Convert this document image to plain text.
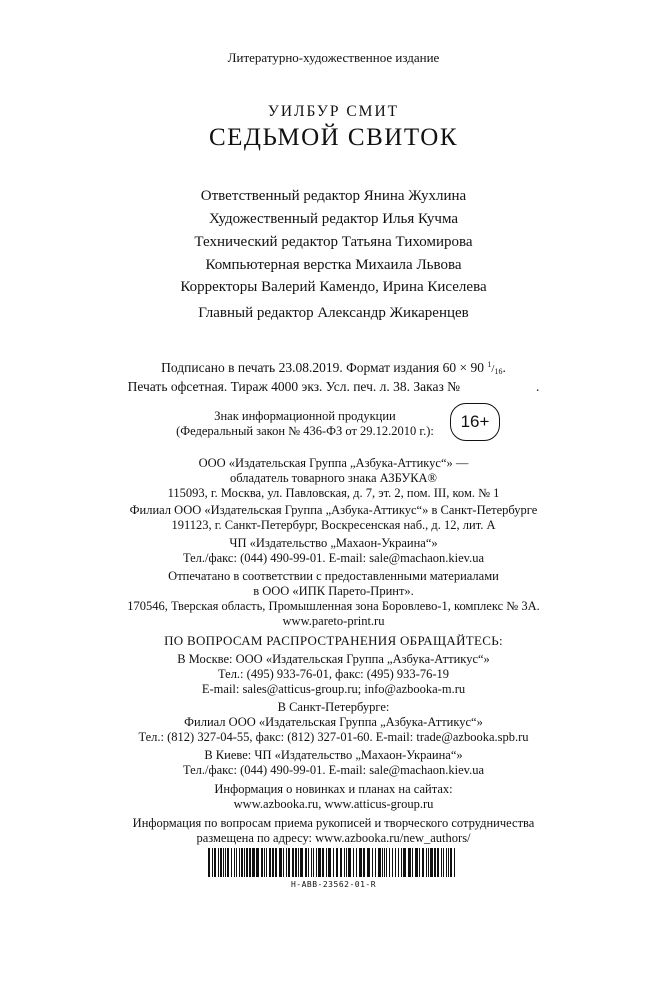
Литературно-художественное издание
УИЛБУР СМИТ
СЕДЬМОЙ СВИТОК
Ответственный редактор Янина Жухлина
Художественный редактор Илья Кучма
Технический редактор Татьяна Тихомирова
Компьютерная верстка Михаила Львова
Корректоры Валерий Камендо, Ирина Киселева
Главный редактор Александр Жикаренцев
Подписано в печать 23.08.2019. Формат издания 60 × 90 $^1/_{16}$.
Печать офсетная. Тираж 4000 экз. Усл. печ. л. 38. Заказ №	.
Знак информационной продукции
(Федеральный закон № 436-ФЗ от 29.12.2010 г.):	16+
ООО «Издательская Группа „Азбука-Аттикус“» —
обладатель товарного знака АЗБУКА®
115093, г. Москва, ул. Павловская, д. 7, эт. 2, пом. III, ком. № 1
Филиал ООО «Издательская Группа „Азбука-Аттикус“» в Санкт-Петербурге
191123, г. Санкт-Петербург, Воскресенская наб., д. 12, лит. А
ЧП «Издательство „Махаон-Украина“»
Тел./факс: (044) 490-99-01. E-mail: sale@machaon.kiev.ua
Отпечатано в соответствии с предоставленными материалами
в ООО «ИПК Парето-Принт».
170546, Тверская область, Промышленная зона Боровлево-1, комплекс № 3А.
www.pareto-print.ru
ПО ВОПРОСАМ РАСПРОСТРАНЕНИЯ ОБРАЩАЙТЕСЬ:
В Москве: ООО «Издательская Группа „Азбука-Аттикус“»
Тел.: (495) 933-76-01, факс: (495) 933-76-19
E-mail: sales@atticus-group.ru; info@azbooka-m.ru
В Санкт-Петербурге:
Филиал ООО «Издательская Группа „Азбука-Аттикус“»
Тел.: (812) 327-04-55, факс: (812) 327-01-60. E-mail: trade@azbooka.spb.ru
В Киеве: ЧП «Издательство „Махаон-Украина“»
Тел./факс: (044) 490-99-01. E-mail: sale@machaon.kiev.ua
Информация о новинках и планах на сайтах:
www.azbooka.ru, www.atticus-group.ru
Информация по вопросам приема рукописей и творческого сотрудничества
размещена по адресу: www.azbooka.ru/new_authors/
Н-АВВ-23562-01-R
